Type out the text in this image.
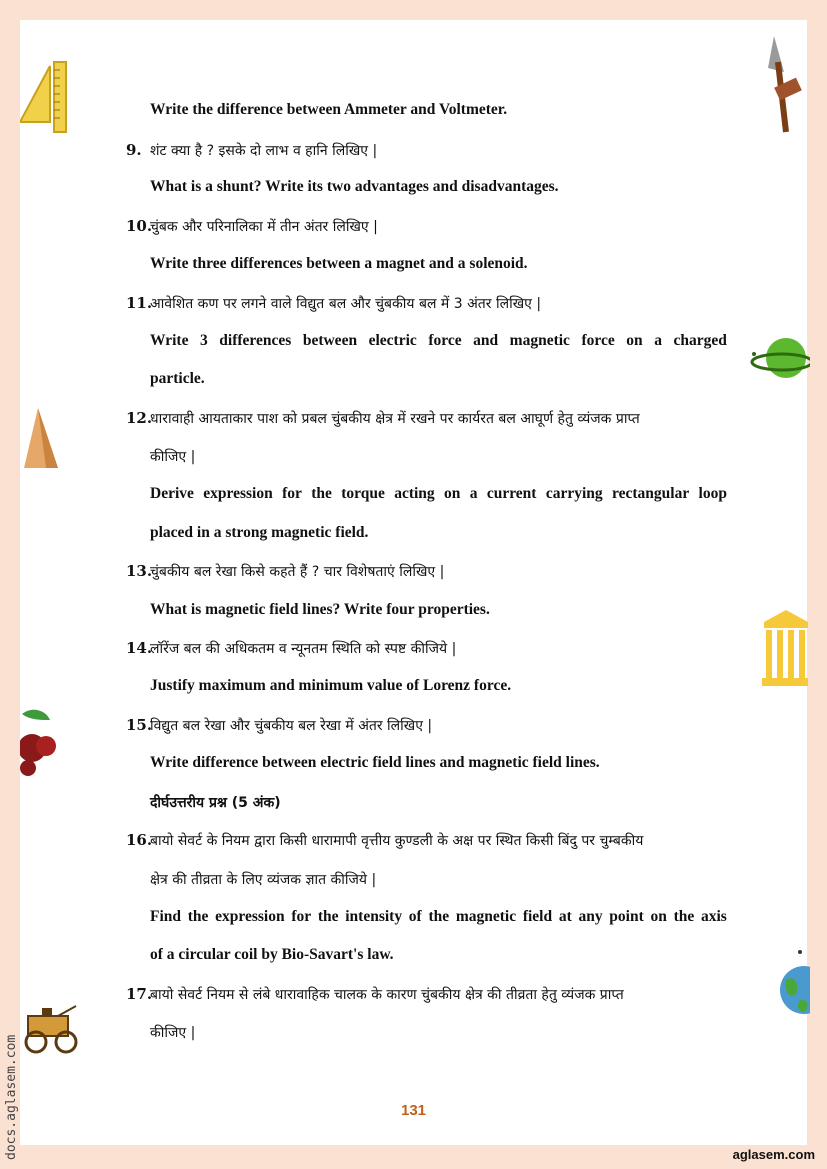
Write the difference between Ammeter and Voltmeter.
9. शंट क्या है ? इसके दो लाभ व हानि लिखिए |
What is a shunt? Write its two advantages and disadvantages.
10.
चुंबक और परिनालिका में तीन अंतर लिखिए |
Write three differences between a magnet and a solenoid.
11.
आवेशित कण पर लगने वाले विद्युत बल और चुंबकीय बल में 3 अंतर लिखिए |
Write 3 differences between electric force and magnetic force on a charged
particle.
12.
धारावाही आयताकार पाश को प्रबल चुंबकीय क्षेत्र में रखने पर कार्यरत बल आघूर्ण हेतु व्यंजक प्राप्त
कीजिए |
Derive expression for the torque acting on a current carrying rectangular loop
placed in a strong magnetic field.
13.
चुंबकीय बल रेखा किसे कहते हैं ? चार विशेषताएं लिखिए |
What is magnetic field lines? Write four properties.
14.
लॉरेंज बल की अधिकतम व न्यूनतम स्थिति को स्पष्ट कीजिये |
Justify maximum and minimum value of Lorenz force.
15.
विद्युत बल रेखा और चुंबकीय बल रेखा में अंतर लिखिए |
Write difference between electric field lines and magnetic field lines.
दीर्घउत्तरीय प्रश्न (5 अंक)
16.
बायो सेवर्ट के नियम द्वारा किसी धारामापी वृत्तीय कुण्डली के अक्ष पर स्थित किसी बिंदु पर चुम्बकीय
क्षेत्र की तीव्रता के लिए व्यंजक ज्ञात कीजिये |
Find the expression for the intensity of the magnetic field at any point on the axis
of a circular coil by Bio-Savart's law.
17.
बायो सेवर्ट नियम से लंबे धारावाहिक चालक के कारण चुंबकीय क्षेत्र की तीव्रता हेतु व्यंजक प्राप्त
कीजिए |
131
aglasem.com
docs.aglasem.com
